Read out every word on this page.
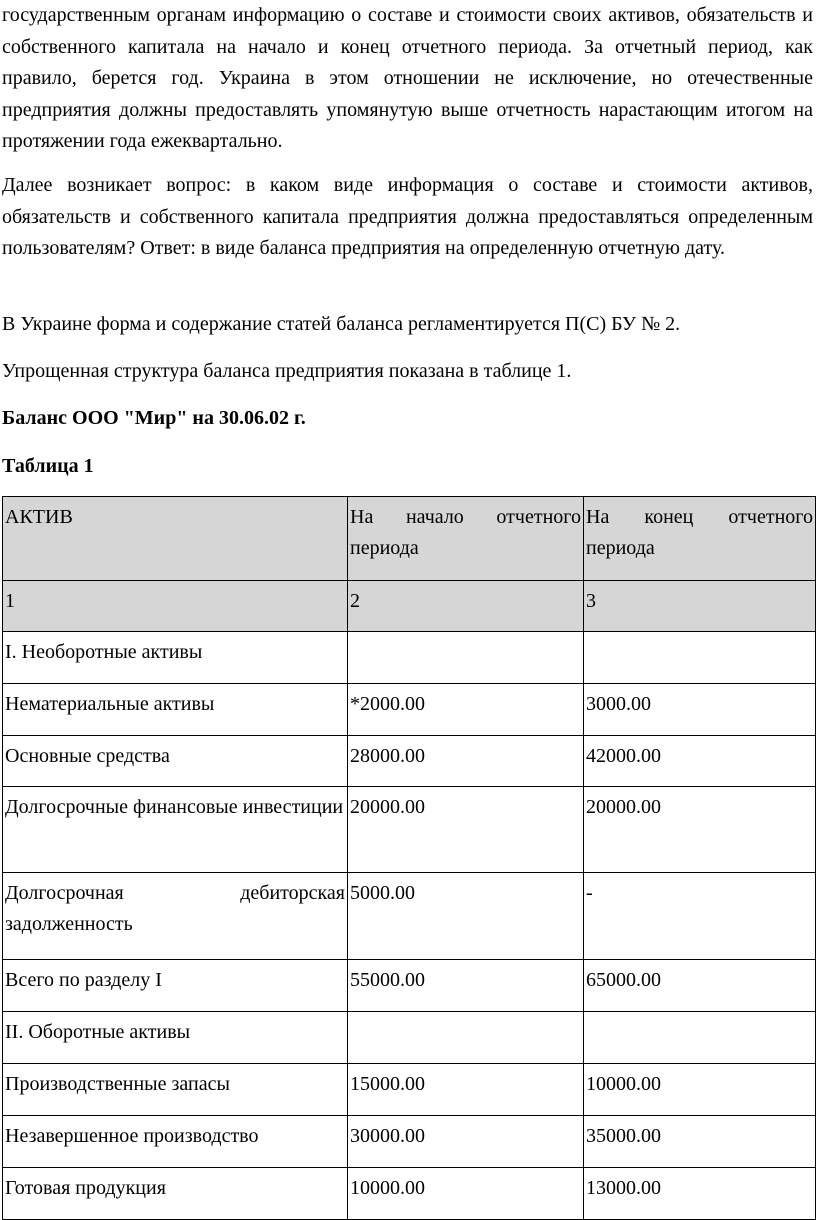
государственным органам информацию о составе и стоимости своих активов, обязательств и собственного капитала на начало и конец отчетного периода. За отчетный период, как правило, берется год. Украина в этом отношении не исключение, но отечественные предприятия должны предоставлять упомянутую выше отчетность нарастающим итогом на протяжении года ежеквартально.

Далее возникает вопрос: в каком виде информация о составе и стоимости активов, обязательств и собственного капитала предприятия должна предоставляться определенным пользователям? Ответ: в виде баланса предприятия на определенную отчетную дату.

В Украине форма и содержание статей баланса регламентируется П(С) БУ № 2.

Упрощенная структура баланса предприятия показана в таблице 1.

Баланс ООО "Мир" на 30.06.02 г.
Таблица 1
АКТИВ	На начало отчетного периода	На конец отчетного периода
1	2	3
I. Необоротные активы		
Нематериальные активы	*2000.00	3000.00
Основные средства	28000.00	42000.00
Долгосрочные финансовые инвестиции	20000.00	20000.00
Долгосрочная дебиторская задолженность	5000.00	-
Всего по разделу I	55000.00	65000.00
II. Оборотные активы		
Производственные запасы	15000.00	10000.00
Незавершенное производство	30000.00	35000.00
Готовая продукция	10000.00	13000.00
